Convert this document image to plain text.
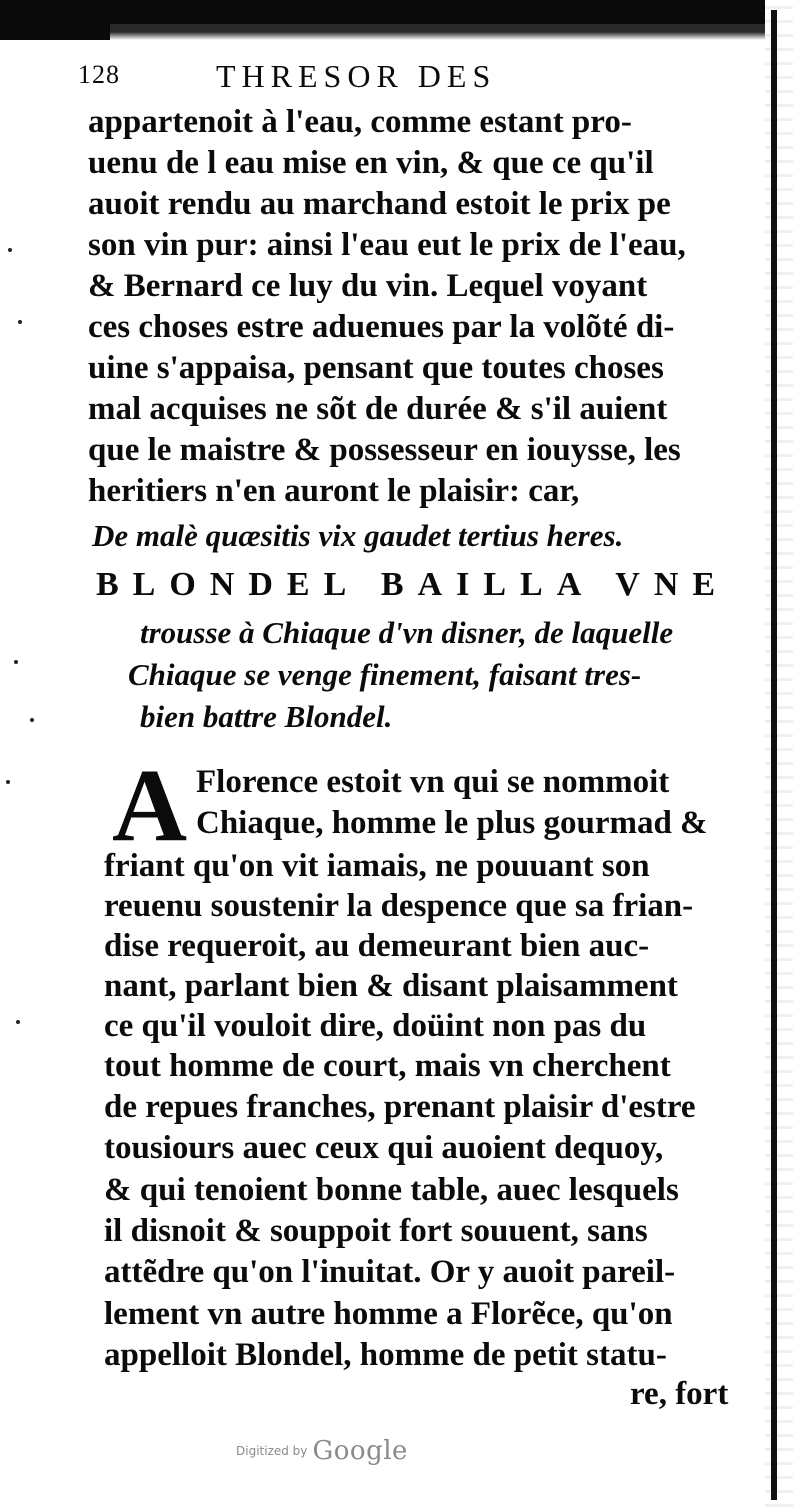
128	THRESOR DES
appartenoit à l'eau, comme estant pro-
uenu de l eau mise en vin, & que ce qu'il
auoit rendu au marchand estoit le prix pe
son vin pur: ainsi l'eau eut le prix de l'eau,
& Bernard ce luy du vin. Lequel voyant
ces choses estre aduenues par la volõté di-
uine s'appaisa, pensant que toutes choses
mal acquises ne sõt de durée & s'il auient
que le maistre & possesseur en iouysse, les
heritiers n'en auront le plaisir: car,
De malè quæsitis vix gaudet tertius heres.
BLONDEL BAILLA VNE
trousse à Chiaque d'vn disner, de laquelle
Chiaque se venge finement, faisant tres-
bien battre Blondel.
A Florence estoit vn qui se nommoit
Chiaque, homme le plus gourmad &
friant qu'on vit iamais, ne pouuant son
reuenu soustenir la despence que sa frian-
dise requeroit, au demeurant bien auc-
nant, parlant bien & disant plaisamment
ce qu'il vouloit dire, doüint non pas du
tout homme de court, mais vn cherchent
de repues franches, prenant plaisir d'estre
tousiours auec ceux qui auoient dequoy,
& qui tenoient bonne table, auec lesquels
il disnoit & souppoit fort souuent, sans
attẽdre qu'on l'inuitat. Or y auoit pareil-
lement vn autre homme a Florẽce, qu'on
appelloit Blondel, homme de petit statu-
re, fort
Digitized by Google
